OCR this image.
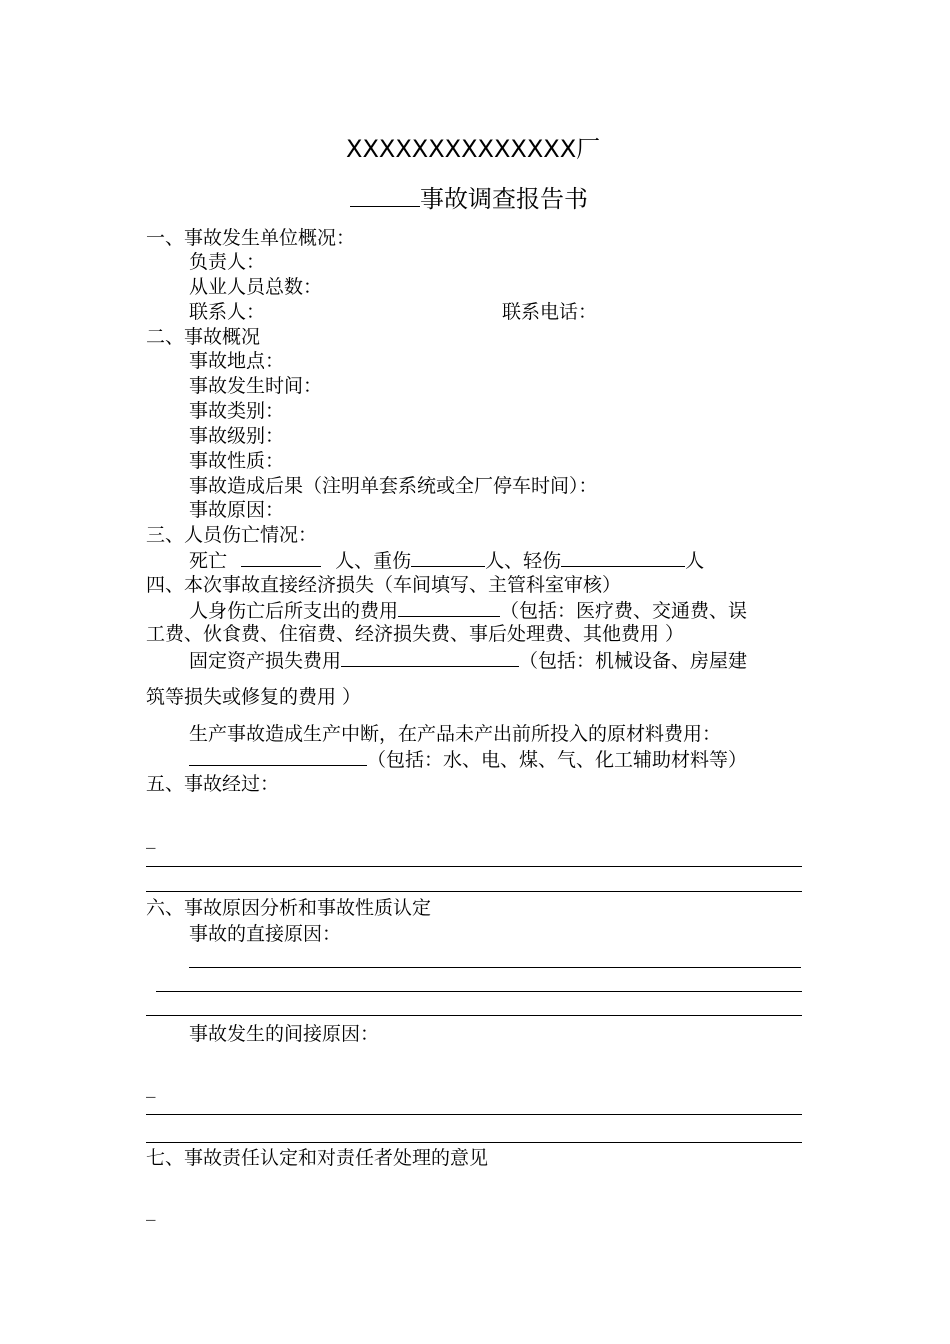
XXXXXXXXXXXXXX厂
事故调查报告书
一、事故发生单位概况：
负责人：
从业人员总数：
联系人：	联系电话：
二、事故概况
事故地点：
事故发生时间：
事故类别：
事故级别：
事故性质：
事故造成后果（注明单套系统或全厂停车时间）：
事故原因：
三、人员伤亡情况：
死亡	人、重伤	人、轻伤	人
四、本次事故直接经济损失（车间填写、主管科室审核）
人身伤亡后所支出的费用	（包括：医疗费、交通费、误
工费、伙食费、住宿费、经济损失费、事后处理费、其他费用 ）
固定资产损失费用	（包括：机械设备、房屋建
筑等损失或修复的费用 ）
生产事故造成生产中断，在产品未产出前所投入的原材料费用：
（包括：水、电、煤、气、化工辅助材料等）
五、事故经过：
_
六、事故原因分析和事故性质认定
事故的直接原因：
事故发生的间接原因：
_
七、事故责任认定和对责任者处理的意见
_
